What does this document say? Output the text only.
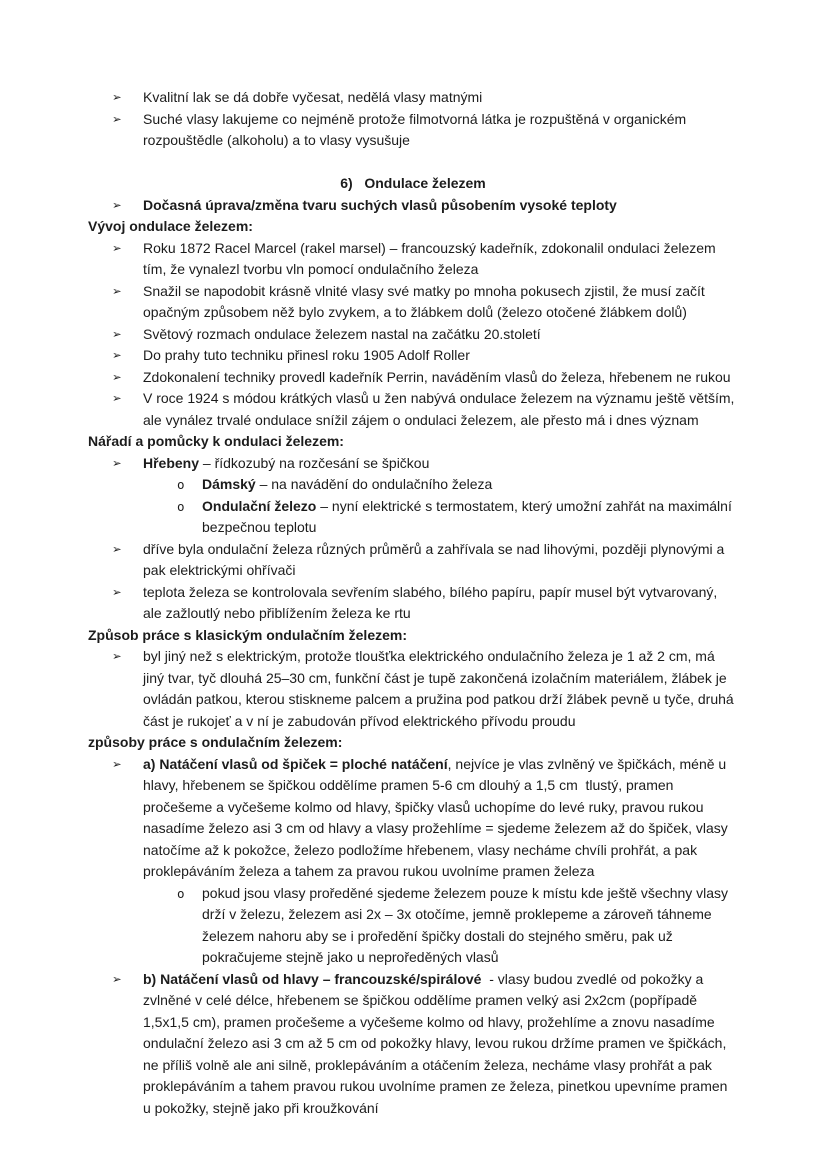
➢ Kvalitní lak se dá dobře vyčesat, nedělá vlasy matnými
➢ Suché vlasy lakujeme co nejméně protože filmotvorná látka je rozpuštěná v organickém rozpouštědle (alkoholu) a to vlasy vysušuje
6)   Ondulace železem
➢ Dočasná úprava/změna tvaru suchých vlasů působením vysoké teploty
Vývoj ondulace železem:
➢ Roku 1872 Racel Marcel (rakel marsel) – francouzský kadeřník, zdokonalil ondulaci železem tím, že vynalezl tvorbu vln pomocí ondulačního železa
➢ Snažil se napodobit krásně vlnité vlasy své matky po mnoha pokusech zjistil, že musí začít opačným způsobem něž bylo zvykem, a to žlábkem dolů (železo otočené žlábkem dolů)
➢ Světový rozmach ondulace železem nastal na začátku 20.století
➢ Do prahy tuto techniku přinesl roku 1905 Adolf Roller
➢ Zdokonalení techniky provedl kadeřník Perrin, naváděním vlasů do železa, hřebenem ne rukou
➢ V roce 1924 s módou krátkých vlasů u žen nabývá ondulace železem na významu ještě větším, ale vynález trvalé ondulace snížil zájem o ondulaci železem, ale přesto má i dnes význam
Nářadí a pomůcky k ondulaci železem:
➢ Hřebeny – řídkozubý na rozčesání se špičkou
o Dámský – na navádění do ondulačního železa
o Ondulační železo – nyní elektrické s termostatem, který umožní zahřát na maximální bezpečnou teplotu
➢ dříve byla ondulační železa různých průměrů a zahřívala se nad lihovými, později plynovými a pak elektrickými ohřívači
➢ teplota železa se kontrolovala sevřením slabého, bílého papíru, papír musel být vytvarovaný, ale zažloutlý nebo přiblížením železa ke rtu
Způsob práce s klasickým ondulačním železem:
➢ byl jiný než s elektrickým, protože tloušťka elektrického ondulačního železa je 1 až 2 cm, má jiný tvar, tyč dlouhá 25–30 cm, funkční část je tupě zakončená izolačním materiálem, žlábek je ovládán patkou, kterou stiskneme palcem a pružina pod patkou drží žlábek pevně u tyče, druhá část je rukojeť a v ní je zabudován přívod elektrického přívodu proudu
způsoby práce s ondulačním železem:
➢ a) Natáčení vlasů od špiček = ploché natáčení, nejvíce je vlas zvlněný ve špičkách, méně u hlavy, hřebenem se špičkou oddělíme pramen 5-6 cm dlouhý a 1,5 cm  tlustý, pramen pročešeme a vyčešeme kolmo od hlavy, špičky vlasů uchopíme do levé ruky, pravou rukou nasadíme železo asi 3 cm od hlavy a vlasy prožehlíme = sjedeme železem až do špiček, vlasy natočíme až k pokožce, železo podložíme hřebenem, vlasy necháme chvíli prohřát, a pak proklepáváním železa a tahem za pravou rukou uvolníme pramen železa
o pokud jsou vlasy proředěné sjedeme železem pouze k místu kde ještě všechny vlasy drží v železu, železem asi 2x – 3x otočíme, jemně proklepeme a zároveň táhneme železem nahoru aby se i proředění špičky dostali do stejného směru, pak už pokračujeme stejně jako u neproředěných vlasů
➢ b) Natáčení vlasů od hlavy – francouzské/spirálové  - vlasy budou zvedlé od pokožky a zvlněné v celé délce, hřebenem se špičkou oddělíme pramen velký asi 2x2cm (popřípadě 1,5x1,5 cm), pramen pročešeme a vyčešeme kolmo od hlavy, prožehlíme a znovu nasadíme ondulační železo asi 3 cm až 5 cm od pokožky hlavy, levou rukou držíme pramen ve špičkách, ne příliš volně ale ani silně, proklepáváním a otáčením železa, necháme vlasy prohřát a pak proklepáváním a tahem pravou rukou uvolníme pramen ze železa, pinetkou upevníme pramen u pokožky, stejně jako při kroužkování
